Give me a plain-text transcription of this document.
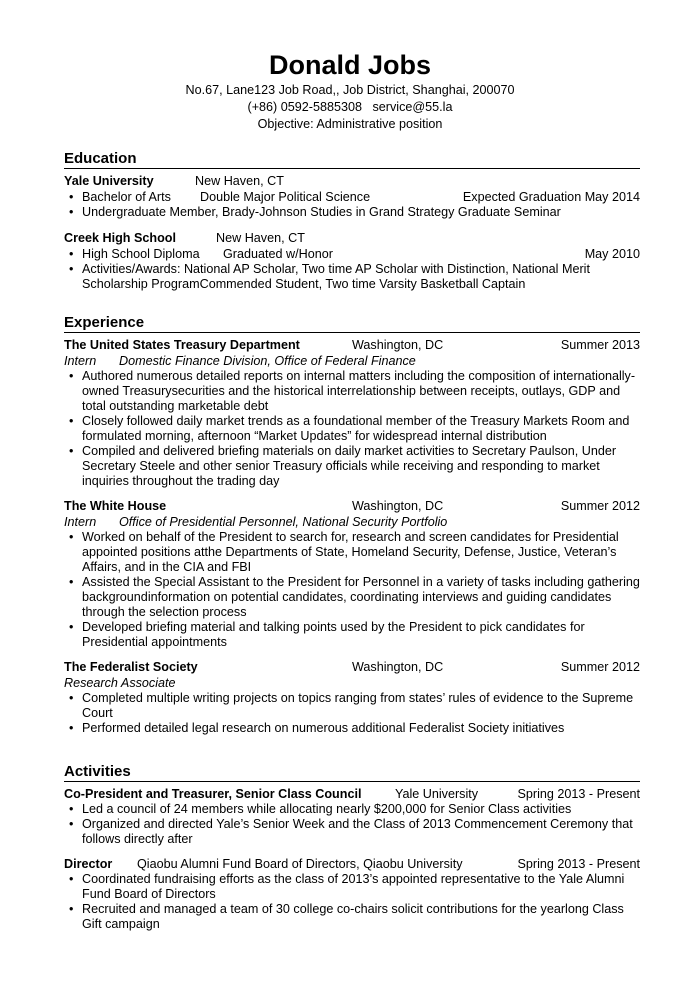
Donald Jobs
No.67, Lane123 Job Road,, Job District, Shanghai, 200070
(+86) 0592-5885308 service@55.la
Objective: Administrative position
Education
Yale University	New Haven, CT
• Bachelor of Arts Double Major Political Science	Expected Graduation May 2014
• Undergraduate Member, Brady-Johnson Studies in Grand Strategy Graduate Seminar
Creek High School	New Haven, CT
• High School Diploma Graduated w/Honor	May 2010
• Activities/Awards: National AP Scholar, Two time AP Scholar with Distinction, National Merit Scholarship ProgramCommended Student, Two time Varsity Basketball Captain
Experience
The United States Treasury Department	Washington, DC	Summer 2013
Intern Domestic Finance Division, Office of Federal Finance
• Authored numerous detailed reports on internal matters including the composition of internationally-owned Treasurysecurities and the historical interrelationship between receipts, outlays, GDP and total outstanding marketable debt
• Closely followed daily market trends as a foundational member of the Treasury Markets Room and formulated morning, afternoon “Market Updates” for widespread internal distribution
• Compiled and delivered briefing materials on daily market activities to Secretary Paulson, Under Secretary Steele and other senior Treasury officials while receiving and responding to market inquiries throughout the trading day
The White House	Washington, DC	Summer 2012
Intern Office of Presidential Personnel, National Security Portfolio
• Worked on behalf of the President to search for, research and screen candidates for Presidential appointed positions atthe Departments of State, Homeland Security, Defense, Justice, Veteran’s Affairs, and in the CIA and FBI
• Assisted the Special Assistant to the President for Personnel in a variety of tasks including gathering backgroundinformation on potential candidates, coordinating interviews and guiding candidates through the selection process
• Developed briefing material and talking points used by the President to pick candidates for Presidential appointments
The Federalist Society	Washington, DC	Summer 2012
Research Associate
• Completed multiple writing projects on topics ranging from states’ rules of evidence to the Supreme Court
• Performed detailed legal research on numerous additional Federalist Society initiatives
Activities
Co-President and Treasurer, Senior Class Council	Yale University	Spring 2013 - Present
• Led a council of 24 members while allocating nearly $200,000 for Senior Class activities
• Organized and directed Yale’s Senior Week and the Class of 2013 Commencement Ceremony that follows directly after
Director Qiaobu Alumni Fund Board of Directors, Qiaobu University	Spring 2013 - Present
• Coordinated fundraising efforts as the class of 2013’s appointed representative to the Yale Alumni Fund Board of Directors
• Recruited and managed a team of 30 college co-chairs solicit contributions for the yearlong Class Gift campaign
